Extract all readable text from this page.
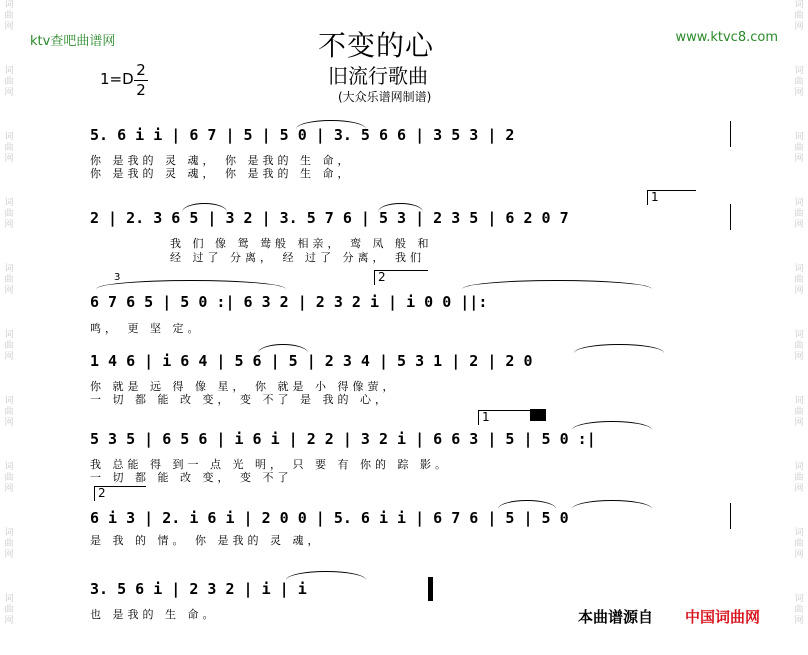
词
曲
网
词
曲
网
词
曲
网
词
曲
网
词
曲
网
词
曲
网
词
曲
网
词
曲
网
词
曲
网
词
曲
网
词
曲
网
词
曲
网
词
曲
网
词
曲
网
词
曲
网
词
曲
网
词
曲
网
词
曲
网
词
曲
网
词
曲
网
ktv查吧曲谱网	www.ktvc8.com
不变的心
旧流行歌曲
(大众乐谱网制谱)
1=D 2
2
5. 6 i i | 6 7 | 5 | 5 0 | 3. 5 6 6 | 3 5 3 | 2
你 是我的 灵 魂， 你 是我的 生 命，
你 是我的 灵 魂， 你 是我的 生 命，
1
2 | 2. 3 6 5 | 3 2 | 3. 5 7 6 | 5 3 | 2 3 5 | 6 2 0 7
我 们 像 鸳 鸯般 相亲， 鸾 凤 般 和
经 过了 分离， 经 过了 分离， 我们
2
3
6 7 6 5 | 5 0 :| 6 3 2 | 2 3 2 i | i 0 0 ||:
鸣， 更 坚 定。
1 4 6 | i 6 4 | 5 6 | 5 | 2 3 4 | 5 3 1 | 2 | 2 0
你 就是 远 得 像 星， 你 就是 小 得像萤，
一 切 都 能 改 变， 变 不了 是 我的 心，
1
5 3 5 | 6 5 6 | i 6 i | 2 2 | 3 2 i | 6 6 3 | 5 | 5 0 :|
我 总能 得 到一 点 光 明， 只 要 有 你的 踪 影。
一 切 都 能 改 变， 变 不了
2
6 i 3 | 2. i 6 i | 2 0 0 | 5. 6 i i | 6 7 6 | 5 | 5 0
是 我 的 情。 你 是我的 灵 魂，
3. 5 6 i | 2 3 2 | i | i
也 是我的 生 命。	本曲谱源自 中国词曲网
